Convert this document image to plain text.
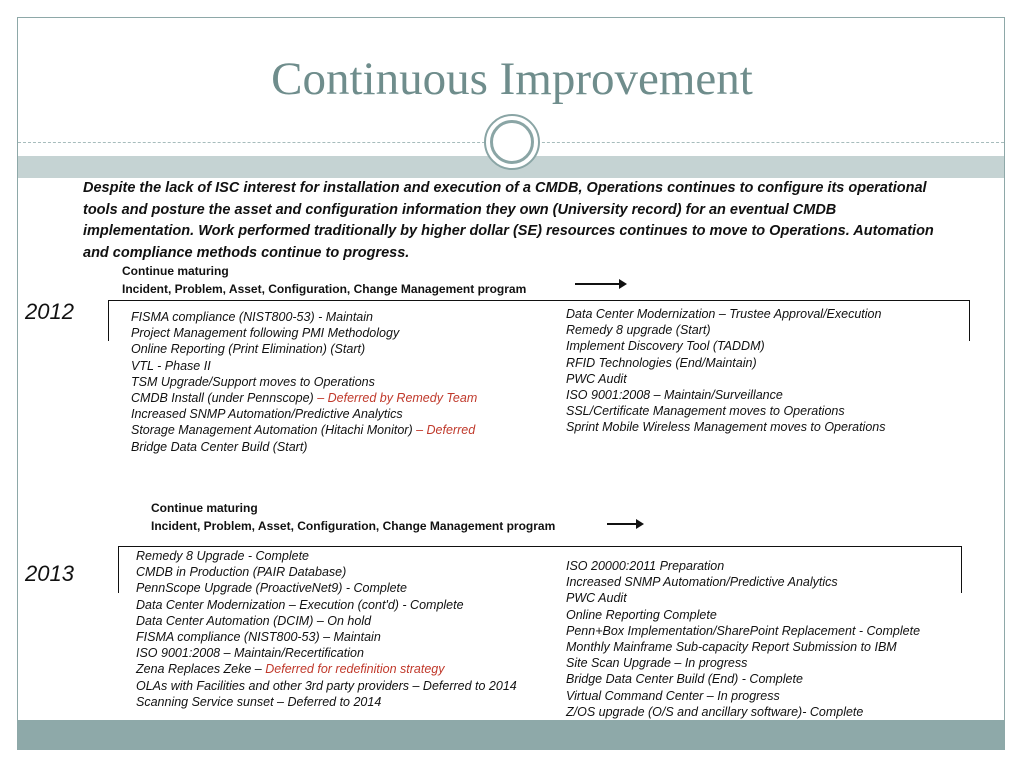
Continuous Improvement
Despite the lack of ISC interest for installation and execution of a CMDB, Operations continues to configure its operational
tools and posture the asset and configuration information they own (University record) for an eventual CMDB
implementation. Work performed traditionally by higher dollar (SE) resources continues to move to Operations. Automation
and compliance methods continue to progress.
Continue maturing
Incident, Problem, Asset, Configuration, Change Management program
2012	FISMA compliance (NIST800-53) - Maintain
Project Management following PMI Methodology
Online Reporting (Print Elimination) (Start)
VTL - Phase II
TSM Upgrade/Support moves to Operations
CMDB Install (under Pennscope) – Deferred by Remedy Team
Increased SNMP Automation/Predictive Analytics
Storage Management Automation (Hitachi Monitor) – Deferred
Bridge Data Center Build (Start)
Data Center Modernization – Trustee Approval/Execution
Remedy 8 upgrade (Start)
Implement Discovery Tool (TADDM)
RFID Technologies (End/Maintain)
PWC Audit
ISO 9001:2008 – Maintain/Surveillance
SSL/Certificate Management moves to Operations
Sprint Mobile Wireless Management moves to Operations
Continue maturing
Incident, Problem, Asset, Configuration, Change Management program
2013
Remedy 8 Upgrade - Complete
CMDB in Production (PAIR Database)
PennScope Upgrade (ProactiveNet9) - Complete
Data Center Modernization – Execution (cont'd) - Complete
Data Center Automation (DCIM) – On hold
FISMA compliance (NIST800-53) – Maintain
ISO 9001:2008 – Maintain/Recertification
Zena Replaces Zeke – Deferred for redefinition strategy
OLAs with Facilities and other 3rd party providers – Deferred to 2014
Scanning Service sunset – Deferred to 2014
ISO 20000:2011 Preparation
Increased SNMP Automation/Predictive Analytics
PWC Audit
Online Reporting Complete
Penn+Box Implementation/SharePoint Replacement - Complete
Monthly Mainframe Sub-capacity Report Submission to IBM
Site Scan Upgrade – In progress
Bridge Data Center Build (End) - Complete
Virtual Command Center – In progress
Z/OS upgrade (O/S and ancillary software)- Complete
